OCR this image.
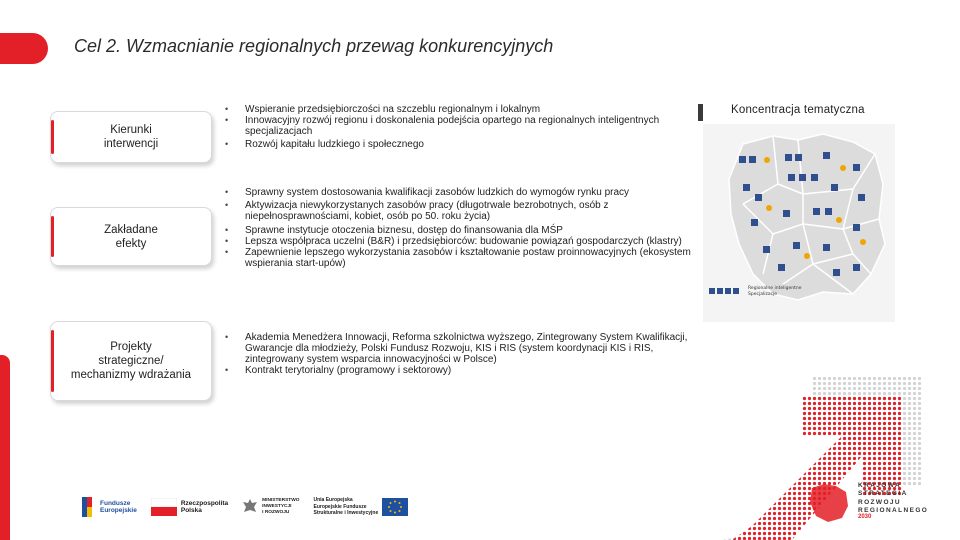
Cel 2. Wzmacnianie regionalnych przewag konkurencyjnych
Kierunki
interwencji
Zakładane
efekty
Projekty
strategiczne/
mechanizmy wdrażania
• Wspieranie przedsiębiorczości na szczeblu regionalnym i lokalnym
• Innowacyjny rozwój regionu i doskonalenia podejścia opartego na regionalnych inteligentnych specjalizacjach
• Rozwój kapitału ludzkiego i społecznego
• Sprawny system dostosowania kwalifikacji zasobów ludzkich do wymogów rynku pracy
• Aktywizacja niewykorzystanych zasobów pracy (długotrwale bezrobotnych, osób z niepełnosprawnościami, kobiet, osób po 50. roku życia)
• Sprawne instytucje otoczenia biznesu, dostęp do finansowania dla MŚP
• Lepsza współpraca uczelni (B&R) i przedsiębiorców: budowanie powiązań gospodarczych (klastry)
• Zapewnienie lepszego wykorzystania zasobów i kształtowanie postaw proinnowacyjnych (ekosystem wspierania start-upów)
• Akademia Menedżera Innowacji, Reforma szkolnictwa wyższego, Zintegrowany System Kwalifikacji, Gwarancje dla młodzieży, Polski Fundusz Rozwoju, KIS i RIS (system koordynacji KIS i RIS, zintegrowany system wsparcia innowacyjności w Polsce)
• Kontrakt terytorialny (programowy i sektorowy)
Koncentracja tematyczna
Regionalne inteligentne
Specjalizacje
KRAJOWA
STRATEGIA
ROZWOJU
REGIONALNEGO
2030
Fundusze
Europejskie
Rzeczpospolita
Polska
MINISTERSTWO
INWESTYCJI
I ROZWOJU
Unia Europejska
Europejskie Fundusze
Strukturalne i Inwestycyjne
